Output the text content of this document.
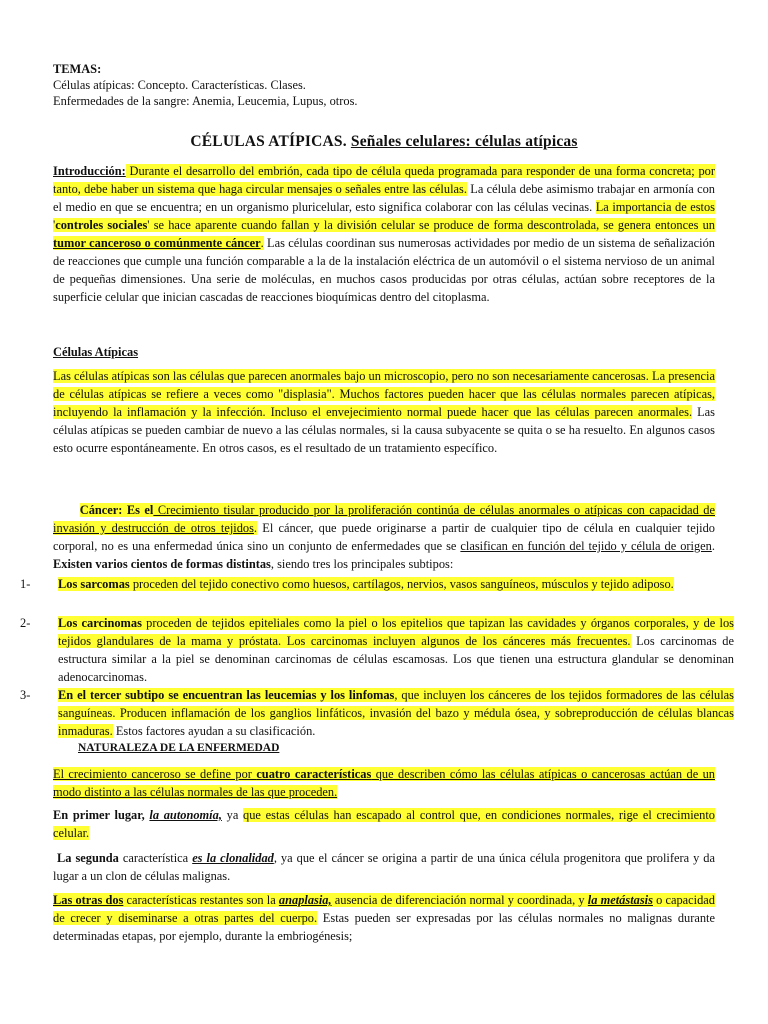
TEMAS:
Células atípicas: Concepto. Características. Clases.
Enfermedades de la sangre: Anemia, Leucemia, Lupus, otros.
CÉLULAS ATÍPICAS. Señales celulares: células atípicas
Introducción: Durante el desarrollo del embrión, cada tipo de célula queda programada para responder de una forma concreta; por tanto, debe haber un sistema que haga circular mensajes o señales entre las células. La célula debe asimismo trabajar en armonía con el medio en que se encuentra; en un organismo pluricelular, esto significa colaborar con las células vecinas. La importancia de estos 'controles sociales' se hace aparente cuando fallan y la división celular se produce de forma descontrolada, se genera entonces un tumor canceroso o comúnmente cáncer. Las células coordinan sus numerosas actividades por medio de un sistema de señalización de reacciones que cumple una función comparable a la de la instalación eléctrica de un automóvil o el sistema nervioso de un animal de pequeñas dimensiones. Una serie de moléculas, en muchos casos producidas por otras células, actúan sobre receptores de la superficie celular que inician cascadas de reacciones bioquímicas dentro del citoplasma.
Células Atípicas
Las células atípicas son las células que parecen anormales bajo un microscopio, pero no son necesariamente cancerosas. La presencia de células atípicas se refiere a veces como "displasia". Muchos factores pueden hacer que las células normales parecen atípicas, incluyendo la inflamación y la infección. Incluso el envejecimiento normal puede hacer que las células parecen anormales. Las células atípicas se pueden cambiar de nuevo a las células normales, si la causa subyacente se quita o se ha resuelto. En algunos casos esto ocurre espontáneamente. En otros casos, es el resultado de un tratamiento específico.
Cáncer: Es el Crecimiento tisular producido por la proliferación continúa de células anormales o atípicas con capacidad de invasión y destrucción de otros tejidos. El cáncer, que puede originarse a partir de cualquier tipo de célula en cualquier tejido corporal, no es una enfermedad única sino un conjunto de enfermedades que se clasifican en función del tejido y célula de origen. Existen varios cientos de formas distintas, siendo tres los principales subtipos:
1- Los sarcomas proceden del tejido conectivo como huesos, cartílagos, nervios, vasos sanguíneos, músculos y tejido adiposo.
2- Los carcinomas proceden de tejidos epiteliales como la piel o los epitelios que tapizan las cavidades y órganos corporales, y de los tejidos glandulares de la mama y próstata. Los carcinomas incluyen algunos de los cánceres más frecuentes. Los carcinomas de estructura similar a la piel se denominan carcinomas de células escamosas. Los que tienen una estructura glandular se denominan adenocarcinomas.
3- En el tercer subtipo se encuentran las leucemias y los linfomas, que incluyen los cánceres de los tejidos formadores de las células sanguíneas. Producen inflamación de los ganglios linfáticos, invasión del bazo y médula ósea, y sobreproducción de células blancas inmaduras. Estos factores ayudan a su clasificación.
NATURALEZA DE LA ENFERMEDAD
El crecimiento canceroso se define por cuatro características que describen cómo las células atípicas o cancerosas actúan de un modo distinto a las células normales de las que proceden.
En primer lugar, la autonomía, ya que estas células han escapado al control que, en condiciones normales, rige el crecimiento celular.
La segunda característica es la clonalidad, ya que el cáncer se origina a partir de una única célula progenitora que prolifera y da lugar a un clon de células malignas.
Las otras dos características restantes son la anaplasia, ausencia de diferenciación normal y coordinada, y la metástasis o capacidad de crecer y diseminarse a otras partes del cuerpo. Estas pueden ser expresadas por las células normales no malignas durante determinadas etapas, por ejemplo, durante la embriogénesis;
